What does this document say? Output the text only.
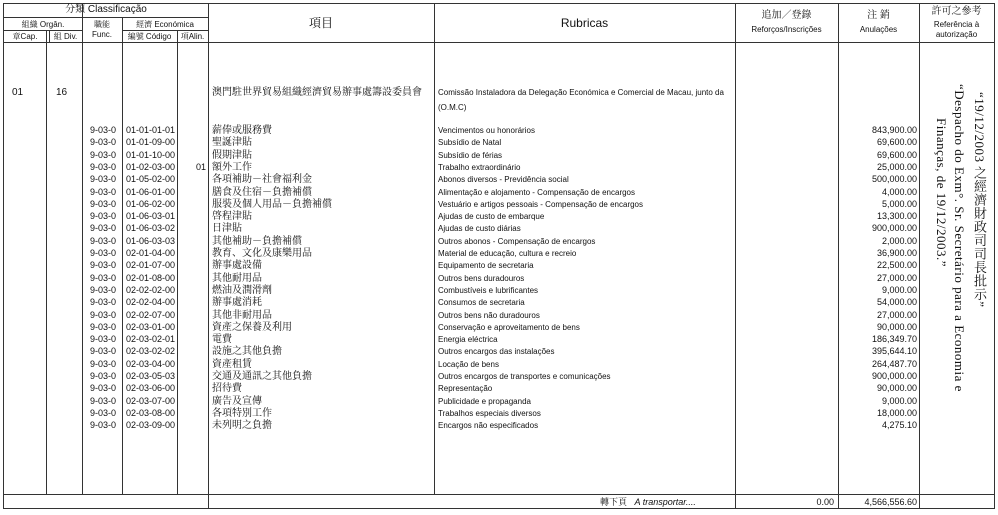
分類 Classificação
組織 Orgân.
章Cap.	組 Div.
職能
Func.
經濟 Económica
編號 Código	項Alin.
項目	Rubricas
追加／登錄
Reforços/Inscrições
注 銷
Anulações
許可之參考
Referência à
autorização
01	16	澳門駐世界貿易組織經濟貿易辦事處籌設委員會 Comissão Instaladora da Delegação Económica e Comercial de Macau, junto da
(O.M.C)
9-03-0	01-01-01-01	薪俸或服務費	Vencimentos ou honorários	843,900.00
9-03-0	01-01-09-00	聖誕津貼	Subsídio de Natal	69,600.00
9-03-0	01-01-10-00	假期津貼	Subsídio de férias	69,600.00
9-03-0	01-02-03-00	01 額外工作	Trabalho extraordinário	25,000.00
9-03-0	01-05-02-00	各項補助－社會福利金	Abonos diversos - Previdência social	500,000.00
9-03-0	01-06-01-00	膳食及住宿－負擔補償	Alimentação e alojamento - Compensação de encargos	4,000.00
9-03-0	01-06-02-00	服裝及個人用品－負擔補償	Vestuário e artigos pessoais - Compensação de encargos	5,000.00
9-03-0	01-06-03-01	啓程津貼	Ajudas de custo de embarque	13,300.00
9-03-0	01-06-03-02	日津貼	Ajudas de custo diárias	900,000.00
9-03-0	01-06-03-03	其他補助－負擔補償	Outros abonos - Compensação de encargos	2,000.00
9-03-0	02-01-04-00	教育、文化及康樂用品	Material de educação, cultura e recreio	36,900.00
9-03-0	02-01-07-00	辦事處設備	Equipamento de secretaria	22,500.00
9-03-0	02-01-08-00	其他耐用品	Outros bens duradouros	27,000.00
9-03-0	02-02-02-00	燃油及潤滑劑	Combustíveis e lubrificantes	9,000.00
9-03-0	02-02-04-00	辦事處消耗	Consumos de secretaria	54,000.00
9-03-0	02-02-07-00	其他非耐用品	Outros bens não duradouros	27,000.00
9-03-0	02-03-01-00	資產之保養及利用	Conservação e aproveitamento de bens	90,000.00
9-03-0	02-03-02-01	電費	Energia eléctrica	186,349.70
9-03-0	02-03-02-02	設施之其他負擔	Outros encargos das instalações	395,644.10
9-03-0	02-03-04-00	資產租賃	Locação de bens	264,487.70
9-03-0	02-03-05-03	交通及通訊之其他負擔	Outros encargos de transportes e comunicações	900,000.00
9-03-0	02-03-06-00	招待費	Representação	90,000.00
9-03-0	02-03-07-00	廣告及宣傳	Publicidade e propaganda	9,000.00
9-03-0	02-03-08-00	各項特別工作	Trabalhos especiais diversos	18,000.00
9-03-0	02-03-09-00	未列明之負擔	Encargos não especificados	4,275.10
轉下頁 A transportar....	0.00	4,566,556.60
“19/12/2003 之經濟財政司司長批示”
“Despacho do Exm°. Sr. Secretário para a Economia e
Finanças, de 19/12/2003.”
